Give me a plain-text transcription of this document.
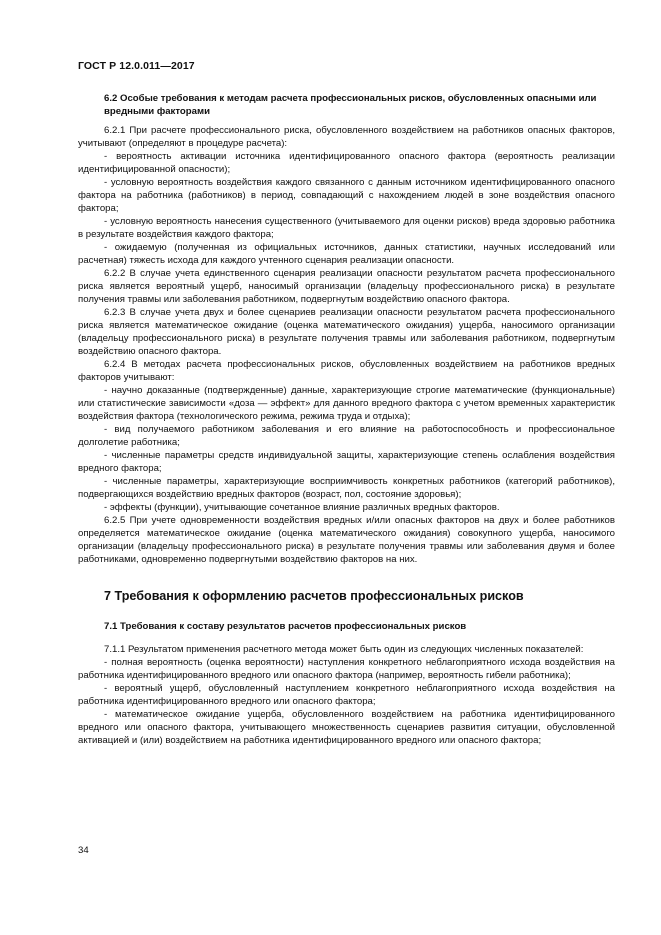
ГОСТ Р 12.0.011—2017
6.2 Особые требования к методам расчета профессиональных рисков, обусловленных опасными или вредными факторами

6.2.1 При расчете профессионального риска, обусловленного воздействием на работников опасных факторов, учитывают (определяют в процедуре расчета):

- вероятность активации источника идентифицированного опасного фактора (вероятность реализации идентифицированной опасности);

- условную вероятность воздействия каждого связанного с данным источником идентифицированного опасного фактора на работника (работников) в период, совпадающий с нахождением людей в зоне воздействия опасного фактора;

- условную вероятность нанесения существенного (учитываемого для оценки рисков) вреда здоровью работника в результате воздействия каждого фактора;

- ожидаемую (полученная из официальных источников, данных статистики, научных исследований или расчетная) тяжесть исхода для каждого учтенного сценария реализации опасности.

6.2.2 В случае учета единственного сценария реализации опасности результатом расчета профессионального риска является вероятный ущерб, наносимый организации (владельцу профессионального риска) в результате получения травмы или заболевания работником, подвергнутым воздействию опасного фактора.

6.2.3 В случае учета двух и более сценариев реализации опасности результатом расчета профессионального риска является математическое ожидание (оценка математического ожидания) ущерба, наносимого организации (владельцу профессионального риска) в результате получения травмы или заболевания работником, подвергнутым воздействию опасного фактора.

6.2.4 В методах расчета профессиональных рисков, обусловленных воздействием на работников вредных факторов учитывают:

- научно доказанные (подтвержденные) данные, характеризующие строгие математические (функциональные) или статистические зависимости «доза — эффект» для данного вредного фактора с учетом временных характеристик воздействия фактора (технологического режима, режима труда и отдыха);

- вид получаемого работником заболевания и его влияние на работоспособность и профессиональное долголетие работника;

- численные параметры средств индивидуальной защиты, характеризующие степень ослабления воздействия вредного фактора;

- численные параметры, характеризующие восприимчивость конкретных работников (категорий работников), подвергающихся воздействию вредных факторов (возраст, пол, состояние здоровья);

- эффекты (функции), учитывающие сочетанное влияние различных вредных факторов.

6.2.5 При учете одновременности воздействия вредных и/или опасных факторов на двух и более работников определяется математическое ожидание (оценка математического ожидания) совокупного ущерба, наносимого организации (владельцу профессионального риска) в результате получения травмы или заболевания двумя и более работниками, одновременно подвергнутыми воздействию факторов на них.

7 Требования к оформлению расчетов профессиональных рисков
7.1 Требования к составу результатов расчетов профессиональных рисков

7.1.1 Результатом применения расчетного метода может быть один из следующих численных показателей:

- полная вероятность (оценка вероятности) наступления конкретного неблагоприятного исхода воздействия на работника идентифицированного вредного или опасного фактора (например, вероятность гибели работника);

- вероятный ущерб, обусловленный наступлением конкретного неблагоприятного исхода воздействия на работника идентифицированного вредного или опасного фактора;

- математическое ожидание ущерба, обусловленного воздействием на работника идентифицированного вредного или опасного фактора, учитывающего множественность сценариев развития ситуации, обусловленной активацией и (или) воздействием на работника идентифицированного вредного или опасного фактора;

34
